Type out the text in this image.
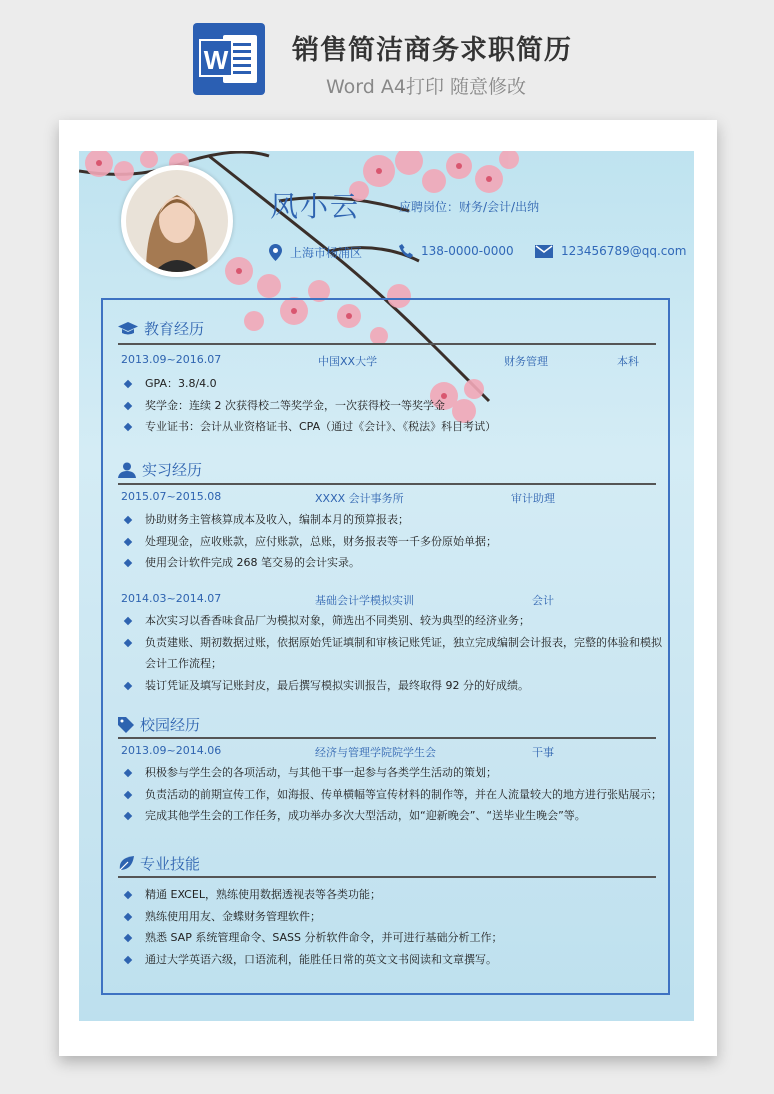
W 销售简洁商务求职简历
Word A4打印 随意修改
风小云	应聘岗位：财务/会计/出纳
上海市杨浦区	138-0000-0000	123456789@qq.com
教育经历
2013.09~2016.07	中国XX大学	财务管理	本科
GPA：3.8/4.0
奖学金：连续 2 次获得校二等奖学金，一次获得校一等奖学金
专业证书：会计从业资格证书、CPA（通过《会计》、《税法》科目考试）
实习经历
2015.07~2015.08	XXXX 会计事务所	审计助理
协助财务主管核算成本及收入，编制本月的预算报表；
处理现金，应收账款，应付账款，总账，财务报表等一千多份原始单据；
使用会计软件完成 268 笔交易的会计实录。
2014.03~2014.07	基础会计学模拟实训	会计
本次实习以香香味食品厂为模拟对象，筛选出不同类别、较为典型的经济业务；
负责建账、期初数据过账，依据原始凭证填制和审核记账凭证，独立完成编制会计报表，完整的体验和模拟
会计工作流程；
装订凭证及填写记账封皮，最后撰写模拟实训报告，最终取得 92 分的好成绩。
校园经历
2013.09~2014.06	经济与管理学院院学生会	干事
积极参与学生会的各项活动，与其他干事一起参与各类学生活动的策划；
负责活动的前期宣传工作，如海报、传单横幅等宣传材料的制作等，并在人流量较大的地方进行张贴展示；
完成其他学生会的工作任务，成功举办多次大型活动，如“迎新晚会”、“送毕业生晚会”等。
专业技能
精通 EXCEL，熟练使用数据透视表等各类功能；
熟练使用用友、金蝶财务管理软件；
熟悉 SAP 系统管理命令、SASS 分析软件命令，并可进行基础分析工作；
通过大学英语六级，口语流利，能胜任日常的英文文书阅读和文章撰写。
